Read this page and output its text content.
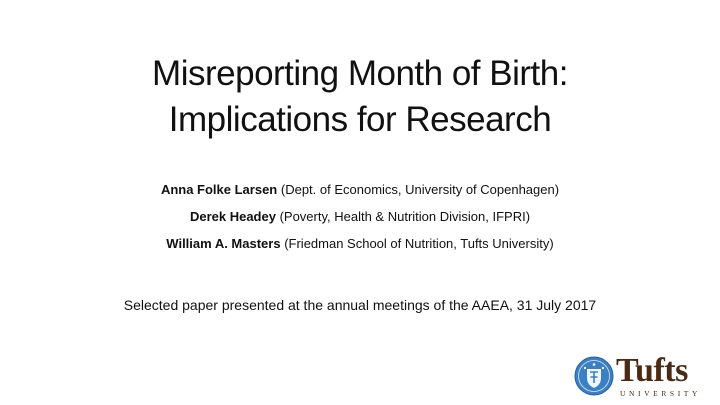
Misreporting Month of Birth:
Implications for Research
Anna Folke Larsen (Dept. of Economics, University of Copenhagen)
Derek Headey (Poverty, Health & Nutrition Division, IFPRI)
William A. Masters (Friedman School of Nutrition, Tufts University)
Selected paper presented at the annual meetings of the AAEA, 31 July 2017
Tufts
UNIVERSITY
